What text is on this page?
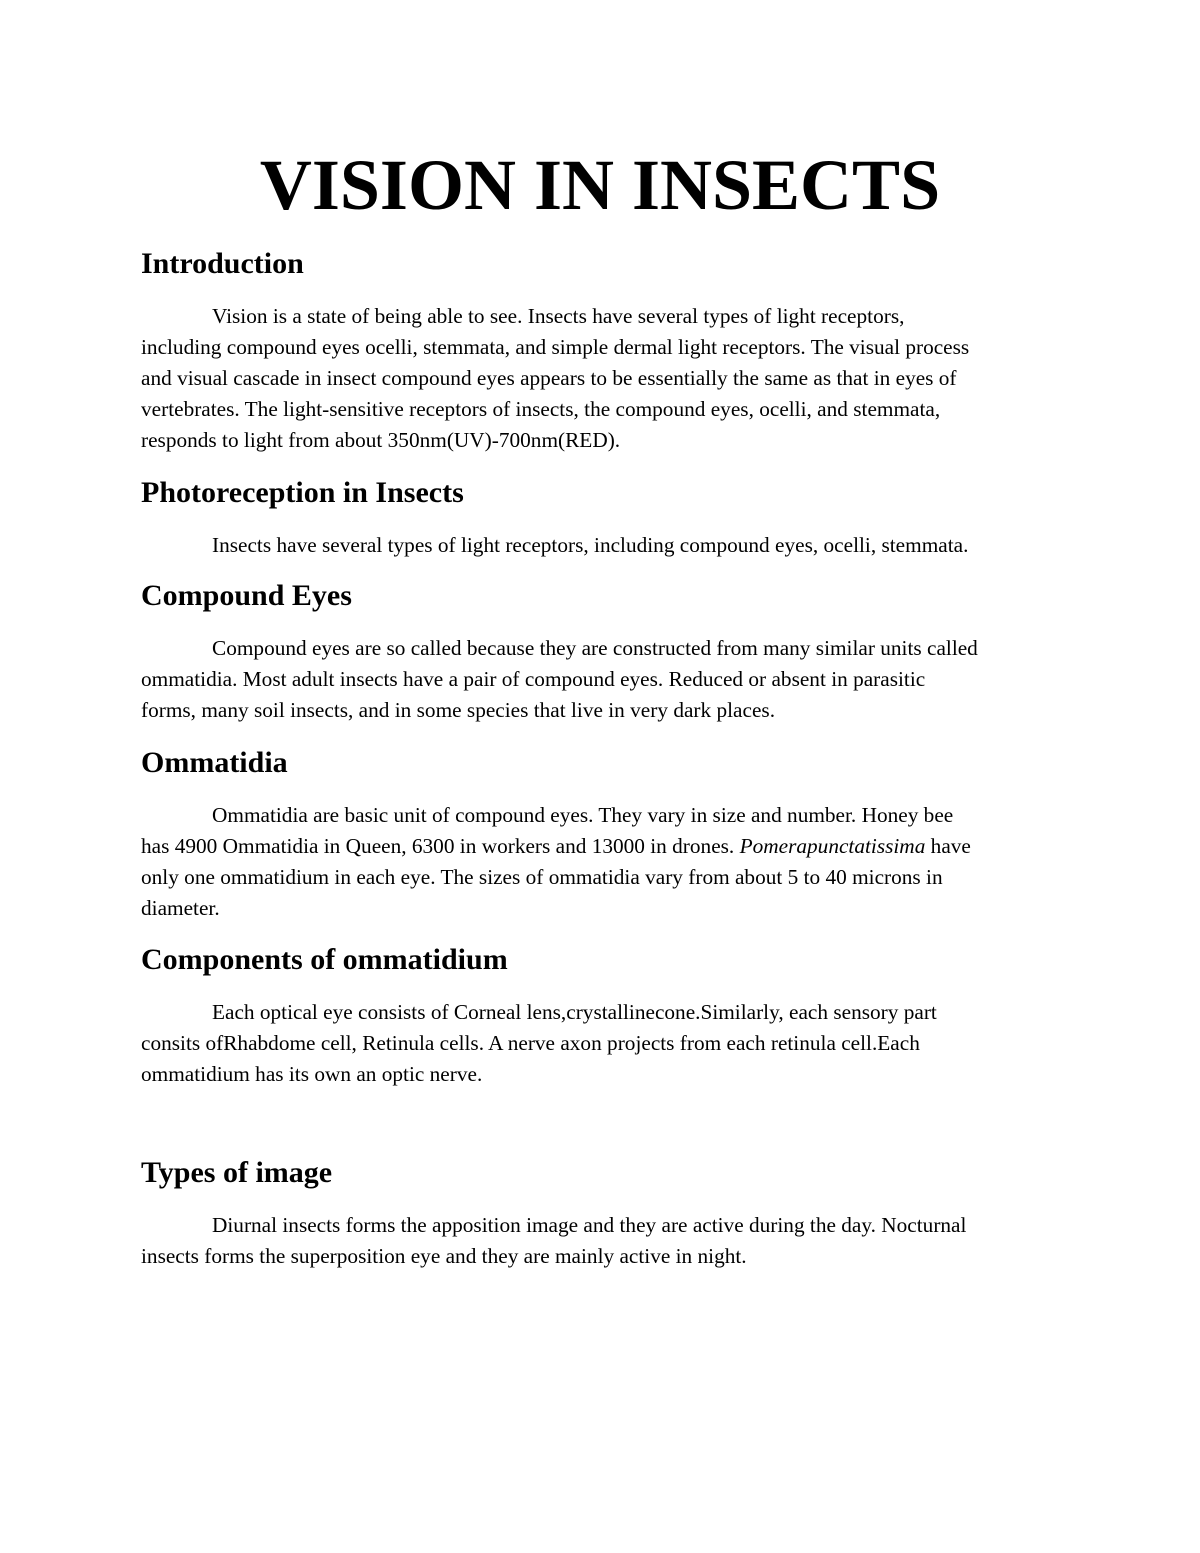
VISION IN INSECTS
Introduction

Vision is a state of being able to see. Insects have several types of light receptors,
including compound eyes ocelli, stemmata, and simple dermal light receptors. The visual process
and visual cascade in insect compound eyes appears to be essentially the same as that in eyes of
vertebrates. The light-sensitive receptors of insects, the compound eyes, ocelli, and stemmata,
responds to light from about 350nm(UV)-700nm(RED).

Photoreception in Insects

Insects have several types of light receptors, including compound eyes, ocelli, stemmata.

Compound Eyes

Compound eyes are so called because they are constructed from many similar units called
ommatidia. Most adult insects have a pair of compound eyes. Reduced or absent in parasitic
forms, many soil insects, and in some species that live in very dark places.

Ommatidia

Ommatidia are basic unit of compound eyes. They vary in size and number. Honey bee
has 4900 Ommatidia in Queen, 6300 in workers and 13000 in drones. Pomerapunctatissima have
only one ommatidium in each eye. The sizes of ommatidia vary from about 5 to 40 microns in
diameter.

Components of ommatidium

Each optical eye consists of Corneal lens,crystallinecone.Similarly, each sensory part
consits ofRhabdome cell, Retinula cells. A nerve axon projects from each retinula cell.Each
ommatidium has its own an optic nerve.

Types of image

Diurnal insects forms the apposition image and they are active during the day. Nocturnal
insects forms the superposition eye and they are mainly active in night.
